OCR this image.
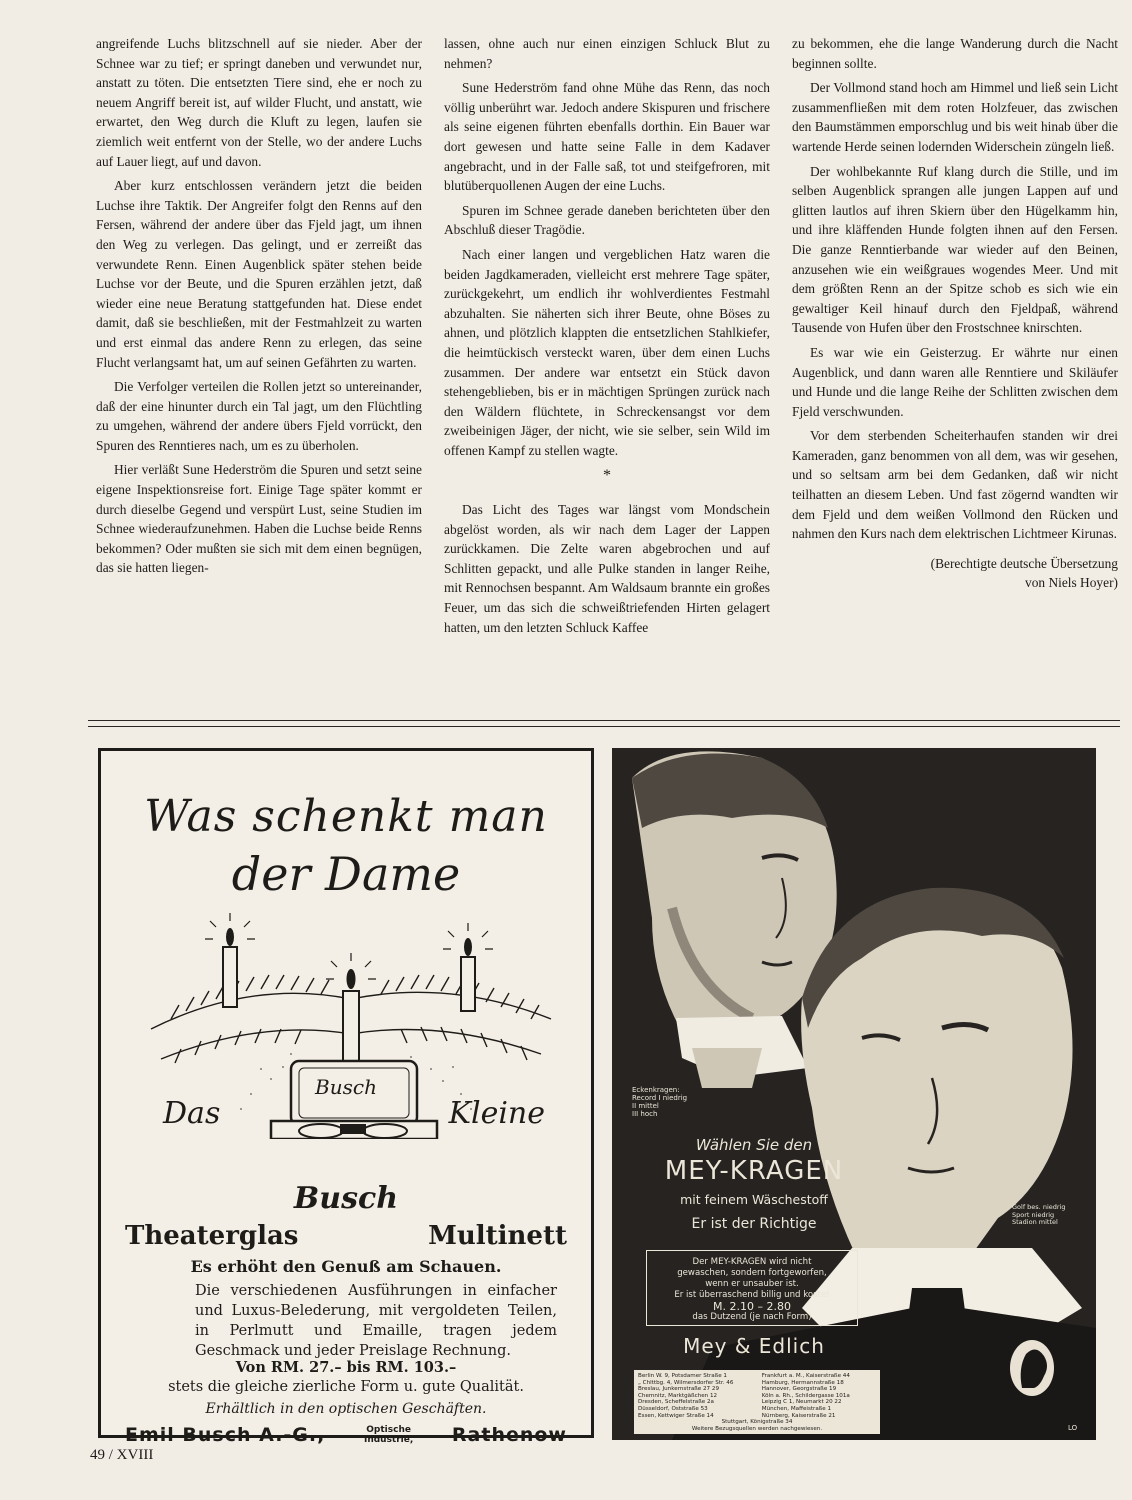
angreifende Luchs blitzschnell auf sie nieder. Aber der Schnee war zu tief; er springt daneben und verwundet nur, anstatt zu töten. Die entsetzten Tiere sind, ehe er noch zu neuem Angriff bereit ist, auf wilder Flucht, und anstatt, wie erwartet, den Weg durch die Kluft zu legen, laufen sie ziemlich weit entfernt von der Stelle, wo der andere Luchs auf Lauer liegt, auf und davon.

Aber kurz entschlossen verändern jetzt die beiden Luchse ihre Taktik. Der Angreifer folgt den Renns auf den Fersen, während der andere über das Fjeld jagt, um ihnen den Weg zu verlegen. Das gelingt, und er zerreißt das verwundete Renn. Einen Augenblick später stehen beide Luchse vor der Beute, und die Spuren erzählen jetzt, daß wieder eine neue Beratung stattgefunden hat. Diese endet damit, daß sie beschließen, mit der Festmahlzeit zu warten und erst einmal das andere Renn zu erlegen, das seine Flucht verlangsamt hat, um auf seinen Gefährten zu warten.

Die Verfolger verteilen die Rollen jetzt so untereinander, daß der eine hinunter durch ein Tal jagt, um den Flüchtling zu umgehen, während der andere übers Fjeld vorrückt, den Spuren des Renntieres nach, um es zu überholen.

Hier verläßt Sune Hederström die Spuren und setzt seine eigene Inspektionsreise fort. Einige Tage später kommt er durch dieselbe Gegend und verspürt Lust, seine Studien im Schnee wiederaufzunehmen. Haben die Luchse beide Renns bekommen? Oder mußten sie sich mit dem einen begnügen, das sie hatten liegen-

lassen, ohne auch nur einen einzigen Schluck Blut zu nehmen?

Sune Hederström fand ohne Mühe das Renn, das noch völlig unberührt war. Jedoch andere Skispuren und frischere als seine eigenen führten ebenfalls dorthin. Ein Bauer war dort gewesen und hatte seine Falle in dem Kadaver angebracht, und in der Falle saß, tot und steifgefroren, mit blutüberquollenen Augen der eine Luchs.

Spuren im Schnee gerade daneben berichteten über den Abschluß dieser Tragödie.

Nach einer langen und vergeblichen Hatz waren die beiden Jagdkameraden, vielleicht erst mehrere Tage später, zurückgekehrt, um endlich ihr wohlverdientes Festmahl abzuhalten. Sie näherten sich ihrer Beute, ohne Böses zu ahnen, und plötzlich klappten die entsetzlichen Stahlkiefer, die heimtückisch versteckt waren, über dem einen Luchs zusammen. Der andere war entsetzt ein Stück davon stehengeblieben, bis er in mächtigen Sprüngen zurück nach den Wäldern flüchtete, in Schreckensangst vor dem zweibeinigen Jäger, der nicht, wie sie selber, sein Wild im offenen Kampf zu stellen wagte.

*

Das Licht des Tages war längst vom Mondschein abgelöst worden, als wir nach dem Lager der Lappen zurückkamen. Die Zelte waren abgebrochen und auf Schlitten gepackt, und alle Pulke standen in langer Reihe, mit Rennochsen bespannt. Am Waldsaum brannte ein großes Feuer, um das sich die schweißtriefenden Hirten gelagert hatten, um den letzten Schluck Kaffee

zu bekommen, ehe die lange Wanderung durch die Nacht beginnen sollte.

Der Vollmond stand hoch am Himmel und ließ sein Licht zusammenfließen mit dem roten Holzfeuer, das zwischen den Baumstämmen emporschlug und bis weit hinab über die wartende Herde seinen lodernden Widerschein züngeln ließ.

Der wohlbekannte Ruf klang durch die Stille, und im selben Augenblick sprangen alle jungen Lappen auf und glitten lautlos auf ihren Skiern über den Hügelkamm hin, und ihre kläffenden Hunde folgten ihnen auf den Fersen. Die ganze Renntierbande war wieder auf den Beinen, anzusehen wie ein weißgraues wogendes Meer. Und mit dem größten Renn an der Spitze schob es sich wie ein gewaltiger Keil hinauf durch den Fjeldpaß, während Tausende von Hufen über den Frostschnee knirschten.

Es war wie ein Geisterzug. Er währte nur einen Augenblick, und dann waren alle Renntiere und Skiläufer und Hunde und die lange Reihe der Schlitten zwischen dem Fjeld verschwunden.

Vor dem sterbenden Scheiterhaufen standen wir drei Kameraden, ganz benommen von all dem, was wir gesehen, und so seltsam arm bei dem Gedanken, daß wir nicht teilhatten an diesem Leben. Und fast zögernd wandten wir dem Fjeld und dem weißen Vollmond den Rücken und nahmen den Kurs nach dem elektrischen Lichtmeer Kirunas.

(Berechtigte deutsche Übersetzung
von Niels Hoyer)
Was schenkt man
der Dame
Busch
Das	Kleine
Busch
Theaterglas	Multinett
Es erhöht den Genuß am Schauen.
Die verschiedenen Ausführungen in einfacher und Luxus-Belederung, mit vergoldeten Teilen, in Perlmutt und Emaille, tragen jedem Geschmack und jeder Preislage Rechnung.
Von RM. 27.– bis RM. 103.–
stets die gleiche zierliche Form u. gute Qualität.
Erhältlich in den optischen Geschäften.
Emil Busch A.-G.,	Optische
Industrie, Rathenow
Eckenkragen:
Record I niedrig
II mittel
III hoch
Golf bes. niedrig
Sport niedrig
Stadion mittel
Wählen Sie den
MEY-KRAGEN
mit feinem Wäschestoff
Er ist der Richtige
Der MEY-KRAGEN wird nicht
gewaschen, sondern fortgeworfen,
wenn er unsauber ist.
Er ist überraschend billig und kostet
M. 2.10 – 2.80
das Dutzend (je nach Form)
Mey & Edlich
Berlin W. 9, Potsdamer Straße 1
„ Chlttbg. 4, Wilmersdorfer Str. 46
Breslau, Junkernstraße 27 29
Chemnitz, Marktgäßchen 12
Dresden, Scheffelstraße 2a
Düsseldorf, Oststraße 53
Essen, Kettwiger Straße 14
Frankfurt a. M., Kaiserstraße 44
Hamburg, Hermannstraße 18
Hannover, Georgstraße 19
Köln a. Rh., Schildergasse 101a
Leipzig C 1, Neumarkt 20 22
München, Maffeistraße 1
Nürnberg, Kaiserstraße 21
Stuttgart, Königstraße 34
Weitere Bezugsquellen werden nachgewiesen.	LO
49 / XVIII
